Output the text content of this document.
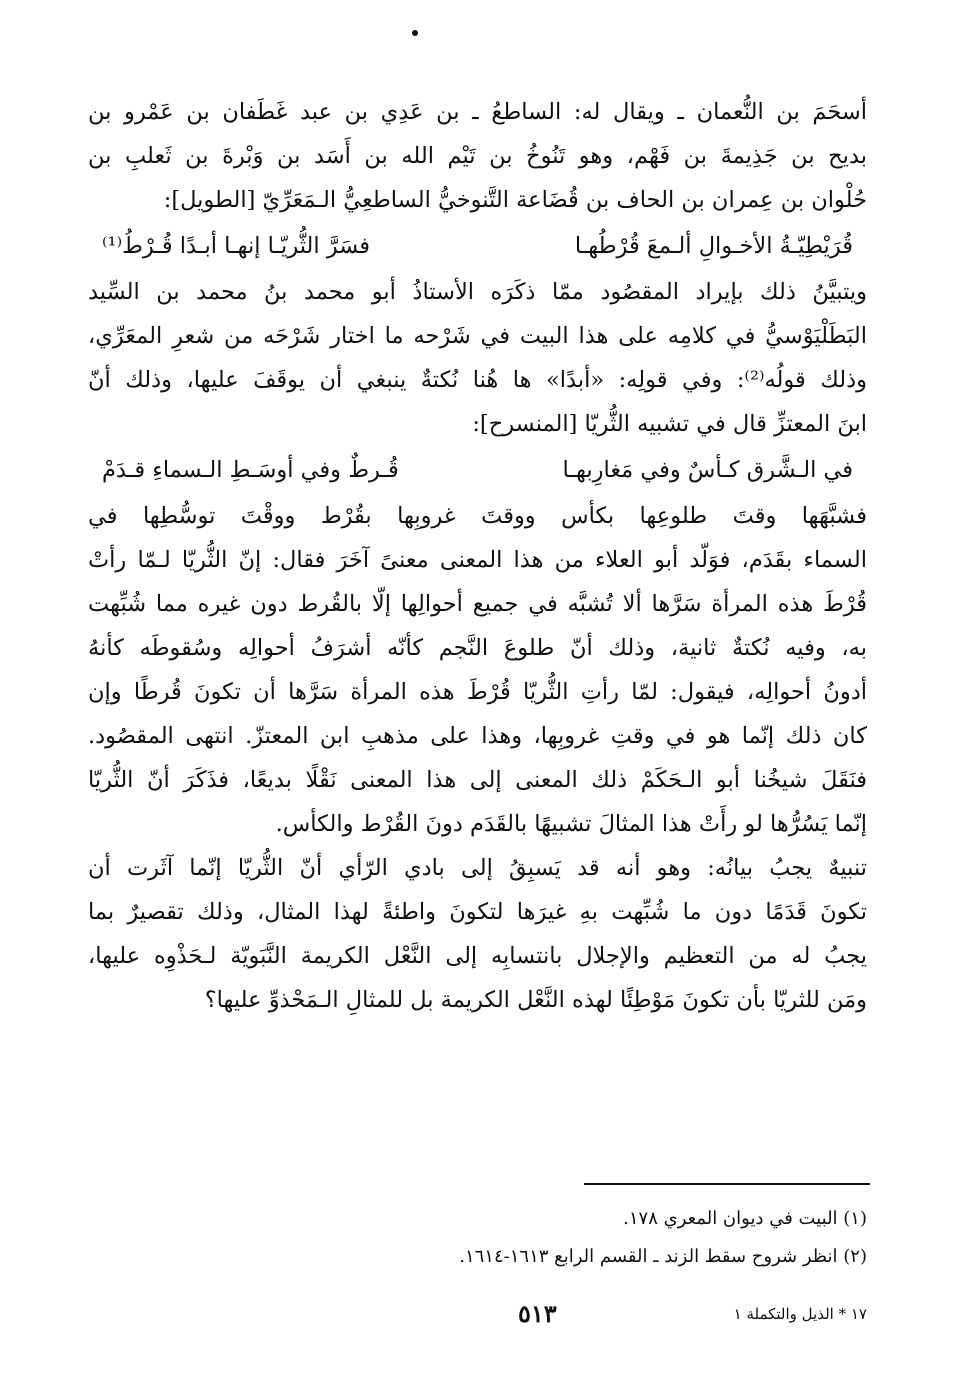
أسحَمَ بن النُّعمان ـ ويقال له: الساطعُ ـ بن عَدِي بن عبد غَطَفان بن عَمْرو بن
بديح بن جَذِيمةَ بن فَهْم، وهو تَنُوخُ بن تَيْم الله بن أَسَد بن وَبْرةَ بن ثَعلبِ بن
حُلْوان بن عِمران بن الحاف بن قُضَاعة التَّنوخيُّ الساطعِيُّ الـمَعَرِّيّ [الطويل]:
قُرَيْطِيّـةُ الأخـوالِ ألـمعَ قُرْطُهـا
فسَرَّ الثُّريّـا إنهـا أبـدًا قُـرْطُ⁽¹⁾
ويتبيَّنُ ذلك بإيراد المقصُود ممّا ذكَرَه الأستاذُ أبو محمد بنُ محمد بن السِّيد
البَطَلْيَوْسيُّ في كلامِه على هذا البيت في شَرْحه ما اختار شَرْحَه من شعرِ المعَرِّي،
وذلك قولُه⁽²⁾: وفي قولِه: «أبدًا» ها هُنا نُكتةٌ ينبغي أن يوقَفَ عليها، وذلك أنّ
ابنَ المعتزِّ قال في تشبيه الثُّريّا [المنسرح]:
في الـشَّرق كـأسٌ وفي مَغارِبهـا
قُـرطٌ وفي أوسَـطِ الـسماءِ قـدَمْ
فشبَّهَها وقتَ طلوعِها بكأس ووقتَ غروبِها بقُرْط ووقْتَ توسُّطِها في
السماء بقَدَم، فوَلّد أبو العلاء من هذا المعنى معنىً آخَرَ فقال: إنّ الثُّريّا لـمّا رأتْ
قُرْطَ هذه المرأة سَرَّها ألا تُشبَّه في جميع أحوالِها إلّا بالقُرط دون غيره مما شُبِّهت
به، وفيه نُكتةٌ ثانية، وذلك أنّ طلوعَ النَّجم كأنّه أشرَفُ أحوالِه وسُقوطَه كأنهُ
أدونُ أحوالِه، فيقول: لمّا رأتِ الثُّريّا قُرْطَ هذه المرأة سَرَّها أن تكونَ قُرطًا وإن
كان ذلك إنّما هو في وقتِ غروبِها، وهذا على مذهبِ ابن المعتزّ. انتهى المقصُود.
فنَقَلَ شيخُنا أبو الـحَكَمْ ذلك المعنى إلى هذا المعنى نَقْلًا بديعًا، فذَكَرَ أنّ الثُّريّا
إنّما يَسُرُّها لو رأَتْ هذا المثالَ تشبيهًا بالقَدَم دونَ القُرْط والكأس.
تنبيهٌ يجبُ بيانُه: وهو أنه قد يَسبِقُ إلى بادي الرّأي أنّ الثُّريّا إنّما آثَرت أن
تكونَ قَدَمًا دون ما شُبِّهت بهِ غيرَها لتكونَ واطئةً لهذا المثال، وذلك تقصيرٌ بما
يجبُ له من التعظيم والإجلال بانتسابِه إلى النَّعْل الكريمة النَّبَويّة لـحَذْوِه عليها،
ومَن للثريّا بأن تكونَ مَوْطِئًا لهذه النَّعْل الكريمة بل للمثالِ الـمَحْذوِّ عليها؟
(١) البيت في ديوان المعري ١٧٨.
(٢) انظر شروح سقط الزند ـ القسم الرابع ١٦١٣-١٦١٤.
٥١٣	١٧ * الذيل والتكملة ١
